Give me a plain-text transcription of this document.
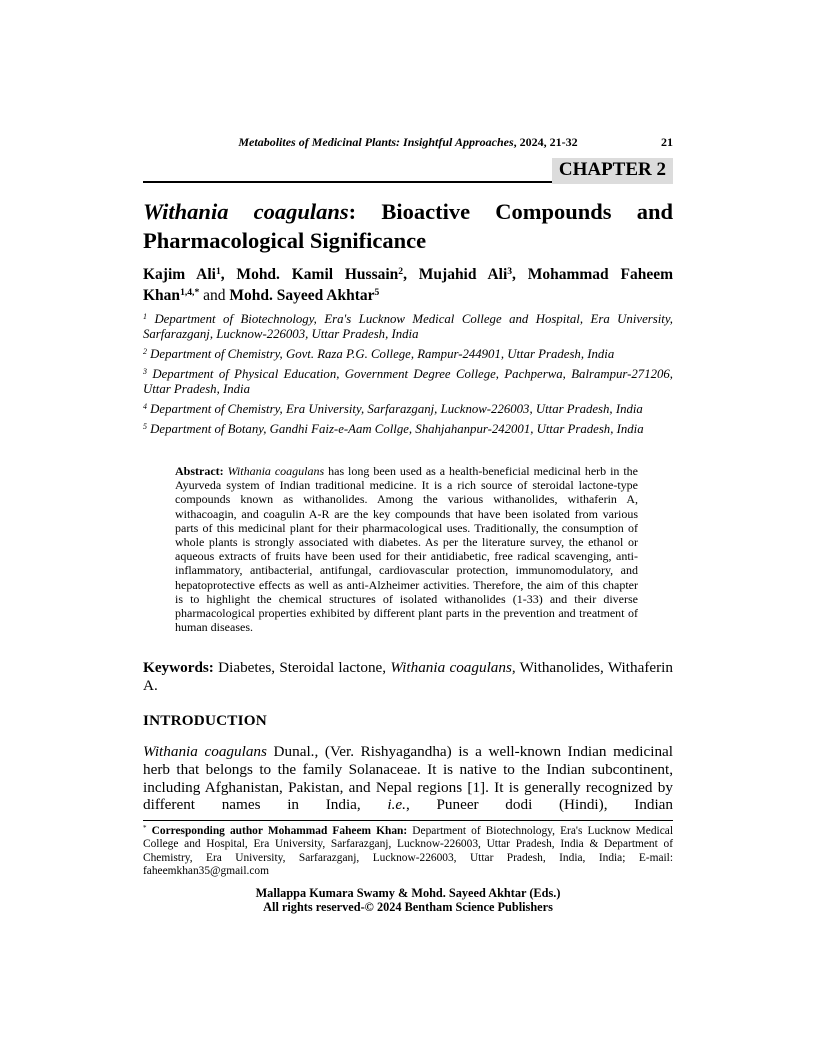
Metabolites of Medicinal Plants: Insightful Approaches, 2024, 21-32	21
CHAPTER 2
Withania coagulans: Bioactive Compounds and
Pharmacological Significance
Kajim Ali$^1$, Mohd. Kamil Hussain$^2$, Mujahid Ali$^3$, Mohammad Faheem
Khan$^{1,4,*}$ and Mohd. Sayeed Akhtar$^5$

$^1$ Department of Biotechnology, Era's Lucknow Medical College and Hospital, Era University, Sarfarazganj, Lucknow-226003, Uttar Pradesh, India

$^2$ Department of Chemistry, Govt. Raza P.G. College, Rampur-244901, Uttar Pradesh, India

$^3$ Department of Physical Education, Government Degree College, Pachperwa, Balrampur-271206, Uttar Pradesh, India

$^4$ Department of Chemistry, Era University, Sarfarazganj, Lucknow-226003, Uttar Pradesh, India

$^5$ Department of Botany, Gandhi Faiz-e-Aam Collge, Shahjahanpur-242001, Uttar Pradesh, India

Abstract: Withania coagulans has long been used as a health-beneficial medicinal herb in the Ayurveda system of Indian traditional medicine. It is a rich source of steroidal lactone-type compounds known as withanolides. Among the various withanolides, withaferin A, withacoagin, and coagulin A-R are the key compounds that have been isolated from various parts of this medicinal plant for their pharmacological uses. Traditionally, the consumption of whole plants is strongly associated with diabetes. As per the literature survey, the ethanol or aqueous extracts of fruits have been used for their antidiabetic, free radical scavenging, anti-inflammatory, antibacterial, antifungal, cardiovascular protection, immunomodulatory, and hepatoprotective effects as well as anti-Alzheimer activities. Therefore, the aim of this chapter is to highlight the chemical structures of isolated withanolides (1-33) and their diverse pharmacological properties exhibited by different plant parts in the prevention and treatment of human diseases.
Keywords: Diabetes, Steroidal lactone, Withania coagulans, Withanolides, Withaferin A.
INTRODUCTION

Withania coagulans Dunal., (Ver. Rishyagandha) is a well-known Indian medicinal herb that belongs to the family Solanaceae. It is native to the Indian subcontinent, including Afghanistan, Pakistan, and Nepal regions [1]. It is generally recognized by different names in India, i.e., Puneer dodi (Hindi), Indian

* Corresponding author Mohammad Faheem Khan: Department of Biotechnology, Era's Lucknow Medical College and Hospital, Era University, Sarfarazganj, Lucknow-226003, Uttar Pradesh, India & Department of Chemistry, Era University, Sarfarazganj, Lucknow-226003, Uttar Pradesh, India, India; E-mail: faheemkhan35@gmail.com

Mallappa Kumara Swamy & Mohd. Sayeed Akhtar (Eds.)
All rights reserved-© 2024 Bentham Science Publishers
